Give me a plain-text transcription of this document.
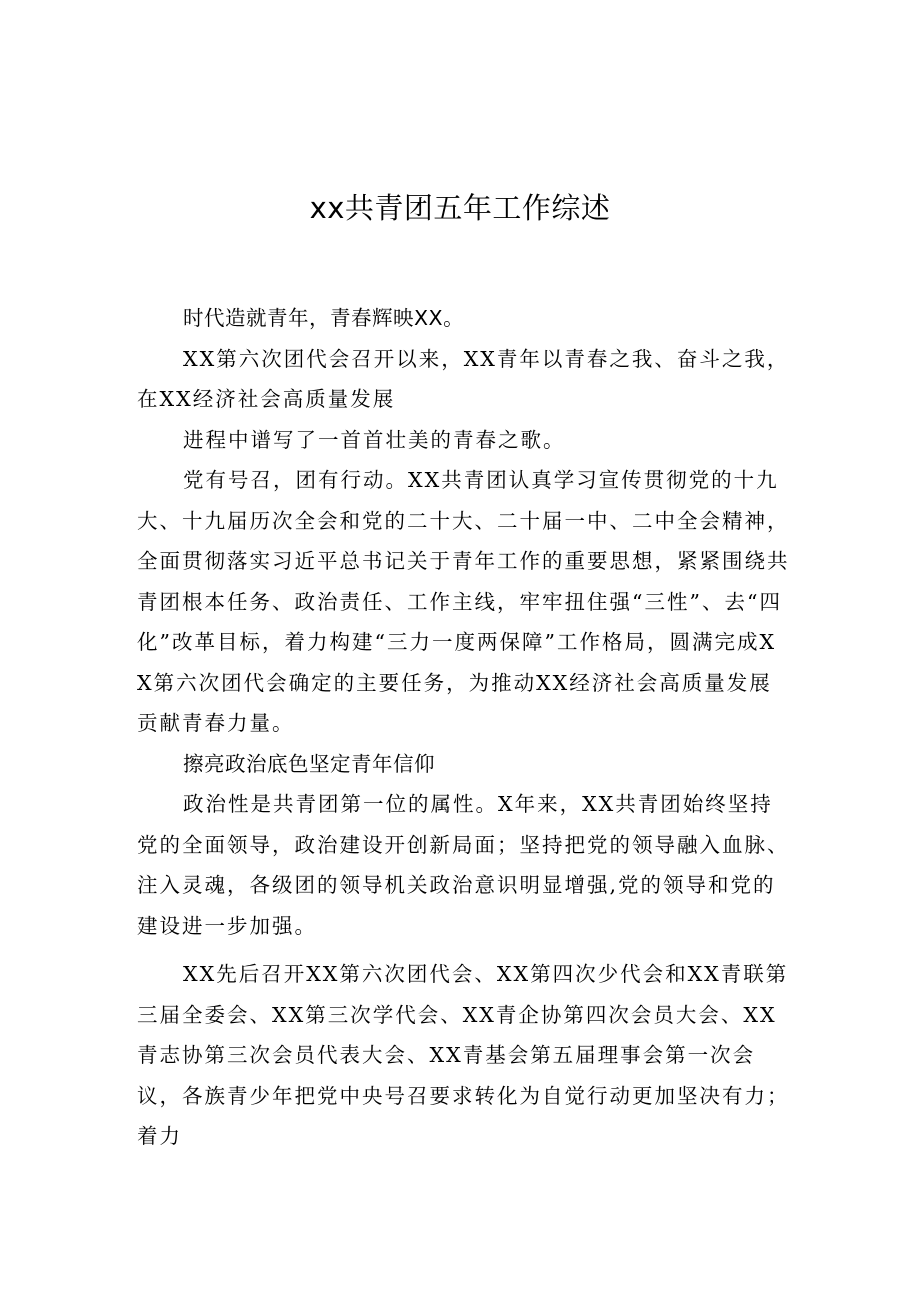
xx共青团五年工作综述

时代造就青年，青春辉映XX。

XX第六次团代会召开以来，XX青年以青春之我、奋斗之我，

在XX经济社会高质量发展

进程中谱写了一首首壮美的青春之歌。

党有号召，团有行动。XX共青团认真学习宣传贯彻党的十九大、十九届历次全会和党的二十大、二十届一中、二中全会精神，全面贯彻落实习近平总书记关于青年工作的重要思想，紧紧围绕共青团根本任务、政治责任、工作主线，牢牢扭住强“三性”、去“四化”改革目标，着力构建“三力一度两保障”工作格局，圆满完成XX第六次团代会确定的主要任务，为推动XX经济社会高质量发展贡献青春力量。

擦亮政治底色坚定青年信仰

政治性是共青团第一位的属性。X年来，XX共青团始终坚持党的全面领导，政治建设开创新局面；坚持把党的领导融入血脉、注入灵魂，各级团的领导机关政治意识明显增强,党的领导和党的建设进一步加强。

XX先后召开XX第六次团代会、XX第四次少代会和XX青联第三届全委会、XX第三次学代会、XX青企协第四次会员大会、XX青志协第三次会员代表大会、XX青基会第五届理事会第一次会议，各族青少年把党中央号召要求转化为自觉行动更加坚决有力；着力
